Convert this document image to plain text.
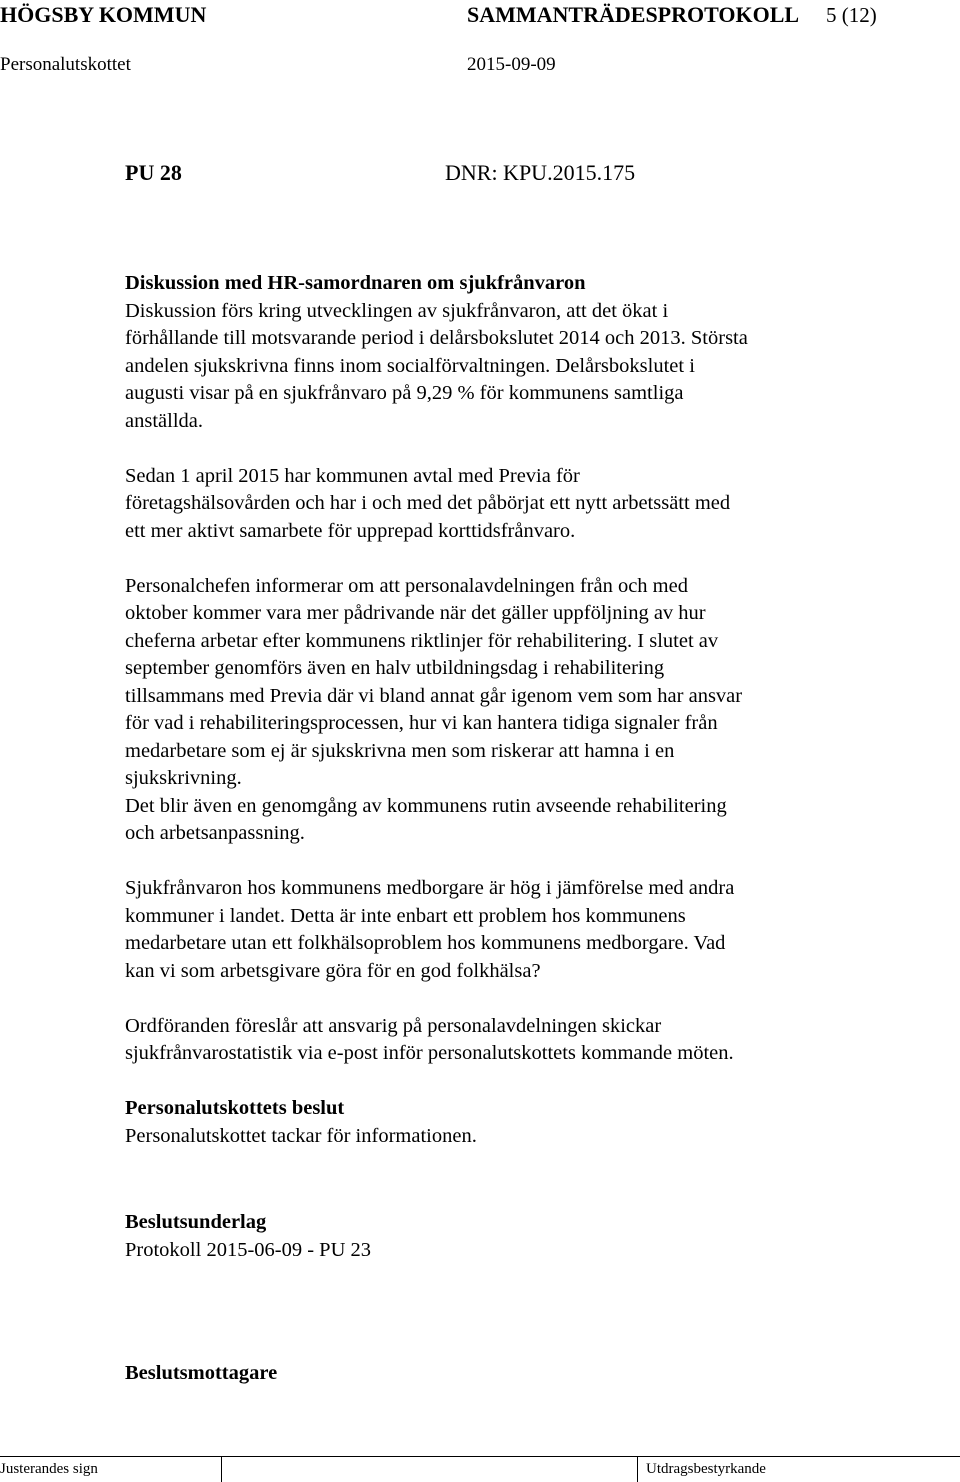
HÖGSBY KOMMUN	SAMMANTRÄDESPROTOKOLL 5 (12)
Personalutskottet	2015-09-09
PU 28	DNR: KPU.2015.175

Diskussion med HR-samordnaren om sjukfrånvaron

Diskussion förs kring utvecklingen av sjukfrånvaron, att det ökat i

förhållande till motsvarande period i delårsbokslutet 2014 och 2013. Största

andelen sjukskrivna finns inom socialförvaltningen. Delårsbokslutet i

augusti visar på en sjukfrånvaro på 9,29 % för kommunens samtliga

anställda.

Sedan 1 april 2015 har kommunen avtal med Previa för

företagshälsovården och har i och med det påbörjat ett nytt arbetssätt med

ett mer aktivt samarbete för upprepad korttidsfrånvaro.

Personalchefen informerar om att personalavdelningen från och med

oktober kommer vara mer pådrivande när det gäller uppföljning av hur

cheferna arbetar efter kommunens riktlinjer för rehabilitering. I slutet av

september genomförs även en halv utbildningsdag i rehabilitering

tillsammans med Previa där vi bland annat går igenom vem som har ansvar

för vad i rehabiliteringsprocessen, hur vi kan hantera tidiga signaler från

medarbetare som ej är sjukskrivna men som riskerar att hamna i en

sjukskrivning.

Det blir även en genomgång av kommunens rutin avseende rehabilitering

och arbetsanpassning.

Sjukfrånvaron hos kommunens medborgare är hög i jämförelse med andra

kommuner i landet. Detta är inte enbart ett problem hos kommunens

medarbetare utan ett folkhälsoproblem hos kommunens medborgare. Vad

kan vi som arbetsgivare göra för en god folkhälsa?

Ordföranden föreslår att ansvarig på personalavdelningen skickar

sjukfrånvarostatistik via e-post inför personalutskottets kommande möten.

Personalutskottets beslut

Personalutskottet tackar för informationen.

Beslutsunderlag

Protokoll 2015-06-09 - PU 23

Beslutsmottagare

Justerandes sign	Utdragsbestyrkande
